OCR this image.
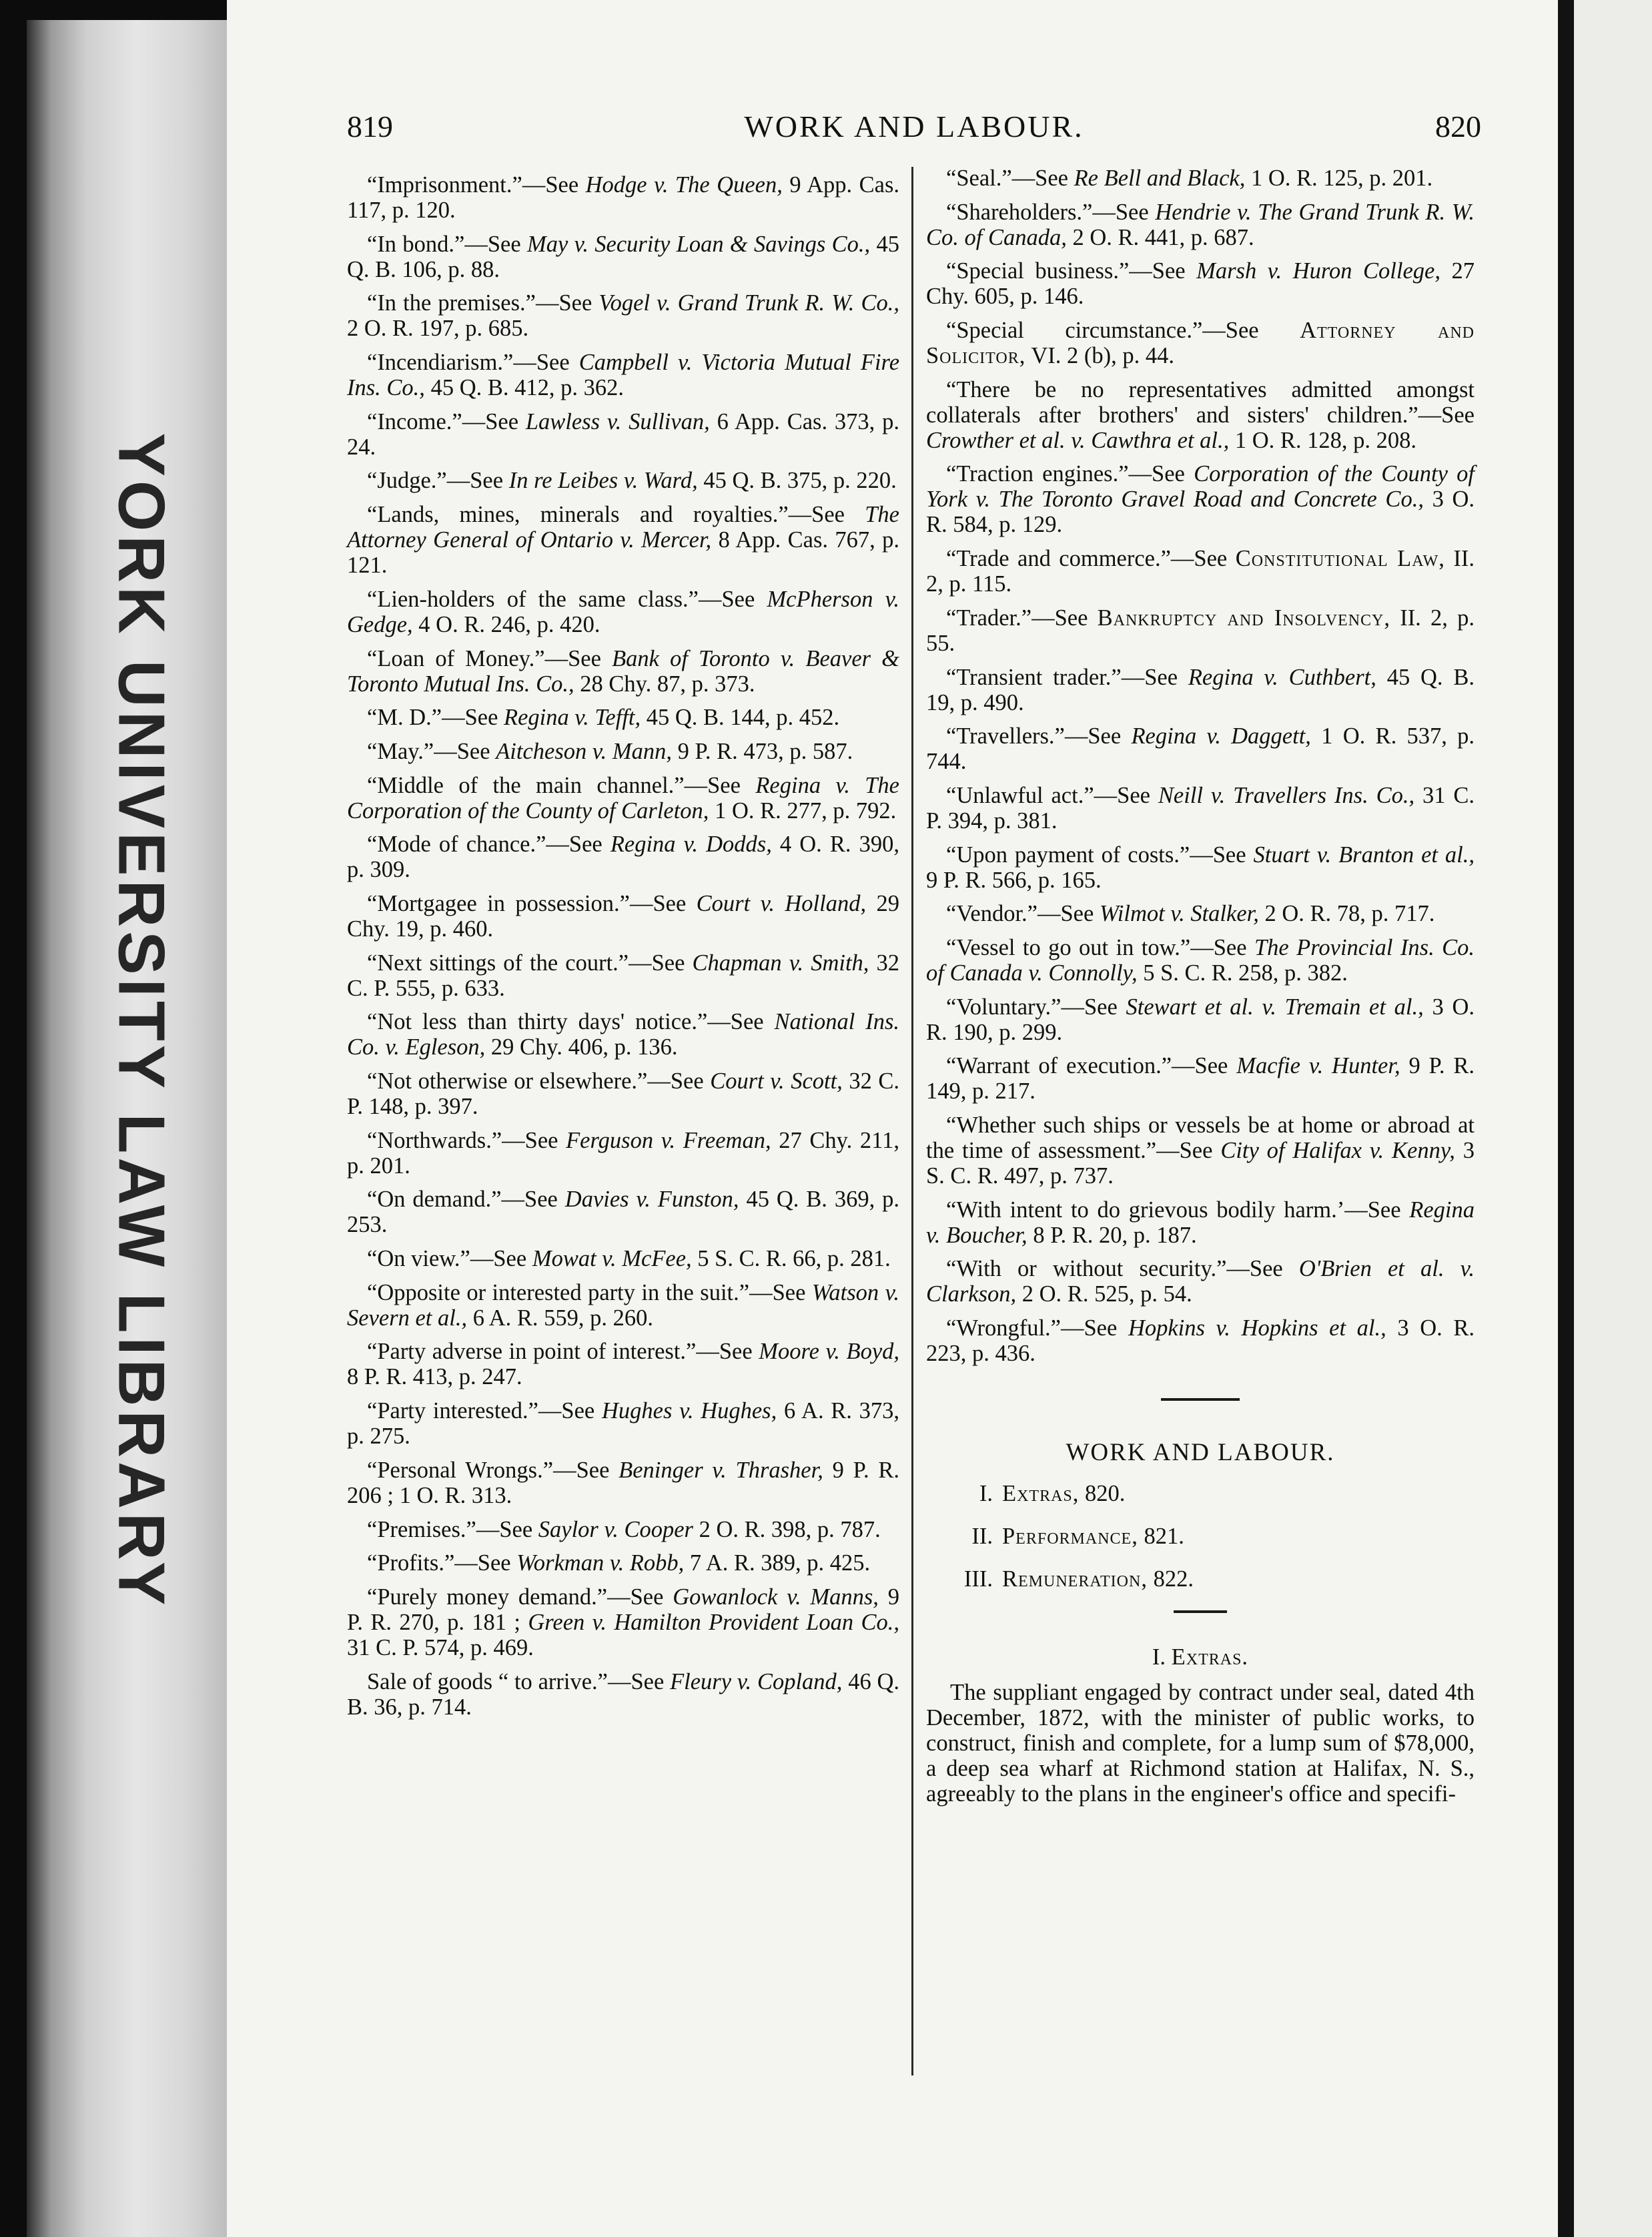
YORK UNIVERSITY LAW LIBRARY
WORK AND LABOUR.
819	820

“Imprisonment.”—See Hodge v. The Queen, 9 App. Cas. 117, p. 120.

“In bond.”—See May v. Security Loan & Savings Co., 45 Q. B. 106, p. 88.

“In the premises.”—See Vogel v. Grand Trunk R. W. Co., 2 O. R. 197, p. 685.

“Incendiarism.”—See Campbell v. Victoria Mutual Fire Ins. Co., 45 Q. B. 412, p. 362.

“Income.”—See Lawless v. Sullivan, 6 App. Cas. 373, p. 24.

“Judge.”—See In re Leibes v. Ward, 45 Q. B. 375, p. 220.

“Lands, mines, minerals and royalties.”—See The Attorney General of Ontario v. Mercer, 8 App. Cas. 767, p. 121.

“Lien-holders of the same class.”—See McPherson v. Gedge, 4 O. R. 246, p. 420.

“Loan of Money.”—See Bank of Toronto v. Beaver & Toronto Mutual Ins. Co., 28 Chy. 87, p. 373.

“M. D.”—See Regina v. Tefft, 45 Q. B. 144, p. 452.

“May.”—See Aitcheson v. Mann, 9 P. R. 473, p. 587.

“Middle of the main channel.”—See Regina v. The Corporation of the County of Carleton, 1 O. R. 277, p. 792.

“Mode of chance.”—See Regina v. Dodds, 4 O. R. 390, p. 309.

“Mortgagee in possession.”—See Court v. Holland, 29 Chy. 19, p. 460.

“Next sittings of the court.”—See Chapman v. Smith, 32 C. P. 555, p. 633.

“Not less than thirty days' notice.”—See National Ins. Co. v. Egleson, 29 Chy. 406, p. 136.

“Not otherwise or elsewhere.”—See Court v. Scott, 32 C. P. 148, p. 397.

“Northwards.”—See Ferguson v. Freeman, 27 Chy. 211, p. 201.

“On demand.”—See Davies v. Funston, 45 Q. B. 369, p. 253.

“On view.”—See Mowat v. McFee, 5 S. C. R. 66, p. 281.

“Opposite or interested party in the suit.”—See Watson v. Severn et al., 6 A. R. 559, p. 260.

“Party adverse in point of interest.”—See Moore v. Boyd, 8 P. R. 413, p. 247.

“Party interested.”—See Hughes v. Hughes, 6 A. R. 373, p. 275.

“Personal Wrongs.”—See Beninger v. Thrasher, 9 P. R. 206 ; 1 O. R. 313.

“Premises.”—See Saylor v. Cooper 2 O. R. 398, p. 787.

“Profits.”—See Workman v. Robb, 7 A. R. 389, p. 425.

“Purely money demand.”—See Gowanlock v. Manns, 9 P. R. 270, p. 181 ; Green v. Hamilton Provident Loan Co., 31 C. P. 574, p. 469.

Sale of goods “ to arrive.”—See Fleury v. Copland, 46 Q. B. 36, p. 714.

“Seal.”—See Re Bell and Black, 1 O. R. 125, p. 201.

“Shareholders.”—See Hendrie v. The Grand Trunk R. W. Co. of Canada, 2 O. R. 441, p. 687.

“Special business.”—See Marsh v. Huron College, 27 Chy. 605, p. 146.

“Special circumstance.”—See Attorney and Solicitor, VI. 2 (b), p. 44.

“There be no representatives admitted amongst collaterals after brothers' and sisters' children.”—See Crowther et al. v. Cawthra et al., 1 O. R. 128, p. 208.

“Traction engines.”—See Corporation of the County of York v. The Toronto Gravel Road and Concrete Co., 3 O. R. 584, p. 129.

“Trade and commerce.”—See Constitutional Law, II. 2, p. 115.

“Trader.”—See Bankruptcy and Insolvency, II. 2, p. 55.

“Transient trader.”—See Regina v. Cuthbert, 45 Q. B. 19, p. 490.

“Travellers.”—See Regina v. Daggett, 1 O. R. 537, p. 744.

“Unlawful act.”—See Neill v. Travellers Ins. Co., 31 C. P. 394, p. 381.

“Upon payment of costs.”—See Stuart v. Branton et al., 9 P. R. 566, p. 165.

“Vendor.”—See Wilmot v. Stalker, 2 O. R. 78, p. 717.

“Vessel to go out in tow.”—See The Provincial Ins. Co. of Canada v. Connolly, 5 S. C. R. 258, p. 382.

“Voluntary.”—See Stewart et al. v. Tremain et al., 3 O. R. 190, p. 299.

“Warrant of execution.”—See Macfie v. Hunter, 9 P. R. 149, p. 217.

“Whether such ships or vessels be at home or abroad at the time of assessment.”—See City of Halifax v. Kenny, 3 S. C. R. 497, p. 737.

“With intent to do grievous bodily harm.’—See Regina v. Boucher, 8 P. R. 20, p. 187.

“With or without security.”—See O'Brien et al. v. Clarkson, 2 O. R. 525, p. 54.

“Wrongful.”—See Hopkins v. Hopkins et al., 3 O. R. 223, p. 436.

WORK AND LABOUR.
I. Extras, 820.
II. Performance, 821.
III. Remuneration, 822.
I. Extras.

The suppliant engaged by contract under seal, dated 4th December, 1872, with the minister of public works, to construct, finish and complete, for a lump sum of $78,000, a deep sea wharf at Richmond station at Halifax, N. S., agreeably to the plans in the engineer's office and specifi-
